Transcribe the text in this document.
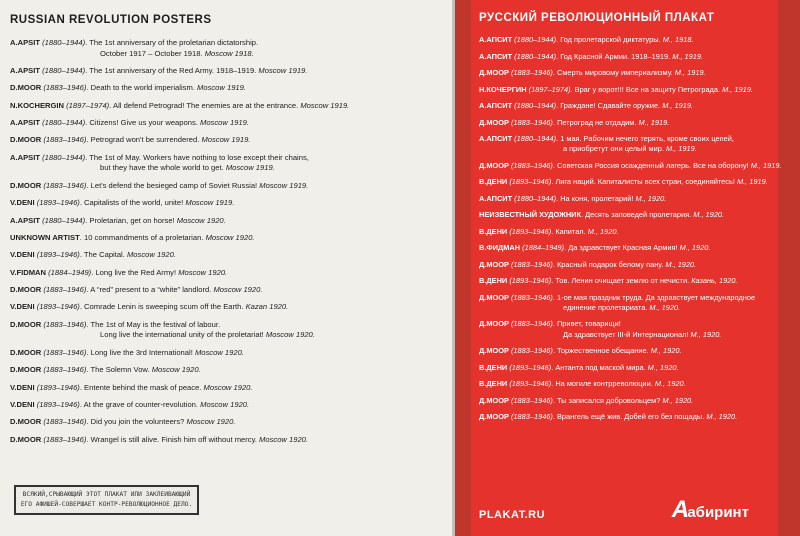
RUSSIAN REVOLUTION POSTERS
A.APSIT (1880–1944). The 1st anniversary of the proletarian dictatorship.
October 1917 – October 1918. Moscow 1918.
A.APSIT (1880–1944). The 1st anniversary of the Red Army. 1918–1919. Moscow 1919.
D.MOOR (1883–1946). Death to the world imperialism. Moscow 1919.
N.KOCHERGIN (1897–1974). All defend Petrograd! The enemies are at the entrance. Moscow 1919.
A.APSIT (1880–1944). Citizens! Give us your weapons. Moscow 1919.
D.MOOR (1883–1946). Petrograd won't be surrendered. Moscow 1919.
A.APSIT (1880–1944). The 1st of May. Workers have nothing to lose except their chains,
but they have the whole world to get. Moscow 1919.
D.MOOR (1883–1946). Let's defend the besieged camp of Soviet Russia! Moscow 1919.
V.DENI (1893–1946). Capitalists of the world, unite! Moscow 1919.
A.APSIT (1880–1944). Proletarian, get on horse! Moscow 1920.
UNKNOWN ARTIST. 10 commandments of a proletarian. Moscow 1920.
V.DENI (1893–1946). The Capital. Moscow 1920.
V.FIDMAN (1884–1949). Long live the Red Army! Moscow 1920.
D.MOOR (1883–1946). A “red” present to a “white” landlord. Moscow 1920.
V.DENI (1893–1946). Comrade Lenin is sweeping scum off the Earth. Kazan 1920.
D.MOOR (1883–1946). The 1st of May is the festival of labour.
Long live the international unity of the proletariat! Moscow 1920.
D.MOOR (1883–1946). Long live the 3rd International! Moscow 1920.
D.MOOR (1883–1946). The Solemn Vow. Moscow 1920.
V.DENI (1893–1946). Entente behind the mask of peace. Moscow 1920.
V.DENI (1893–1946). At the grave of counter-revolution. Moscow 1920.
D.MOOR (1883–1946). Did you join the volunteers? Moscow 1920.
D.MOOR (1883–1946). Wrangel is still alive. Finish him off without mercy. Moscow 1920.
РУССКИЙ РЕВОЛЮЦИОННЫЙ ПЛАКАТ
А.АПСИТ (1880–1944). Год пролетарской диктатуры. М., 1918.
А.АПСИТ (1880–1944). Год Красной Армии. 1918–1919. М., 1919.
Д.МООР (1883–1946). Смерть мировому империализму. М., 1919.
Н.КОЧЕРГИН (1897–1974). Враг у ворот!!! Все на защиту Петрограда. М., 1919.
А.АПСИТ (1880–1944). Граждане! Сдавайте оружие. М., 1919.
Д.МООР (1883–1946). Петроград не отдадим. М., 1919.
А.АПСИТ (1880–1944). 1 мая. Рабочим нечего терять, кроме своих цепей,
а приобретут они целый мир. М., 1919.
Д.МООР (1883–1946). Советская Россия осажденный лагерь. Все на оборону! М., 1919.
В.ДЕНИ (1893–1946). Лига наций. Капиталисты всех стран, соединяйтесь! М., 1919.
А.АПСИТ (1880–1944). На коня, пролетарий! М., 1920.
НЕИЗВЕСТНЫЙ ХУДОЖНИК. Десять заповедей пролетария. М., 1920.
В.ДЕНИ (1893–1946). Капитал. М., 1920.
В.ФИДМАН (1884–1949). Да здравствует Красная Армия! М., 1920.
Д.МООР (1883–1946). Красный подарок белому пану. М., 1920.
В.ДЕНИ (1893–1946). Тов. Ленин очищает землю от нечисти. Казань, 1920.
Д.МООР (1883–1946). 1-ое мая праздник труда. Да здравствует международное
единение пролетариата. М., 1920.
Д.МООР (1883–1946). Привет, товарищи!
Да здравствует III-й Интернационал! М., 1920.
Д.МООР (1883–1946). Торжественное обещание. М., 1920.
В.ДЕНИ (1893–1946). Антанта под маской мира. М., 1920.
В.ДЕНИ (1893–1946). На могиле контрреволюции. М., 1920.
Д.МООР (1883–1946). Ты записался добровольцем? М., 1920.
Д.МООР (1883–1946). Врангель ещё жив. Добей его без пощады. М., 1920.
ВСЯКИЙ,СРЫВАЮЩИЙ ЭТОТ ПЛАКАТ ИЛИ ЗАКЛЕИВАЮЩИЙ
ЕГО АФИШЕЙ-СОВЕРШАЕТ КОНТР-РЕВОЛЮЦИОННОЕ ДЕЛО.
PLAKAT.RU	Aабиринт
